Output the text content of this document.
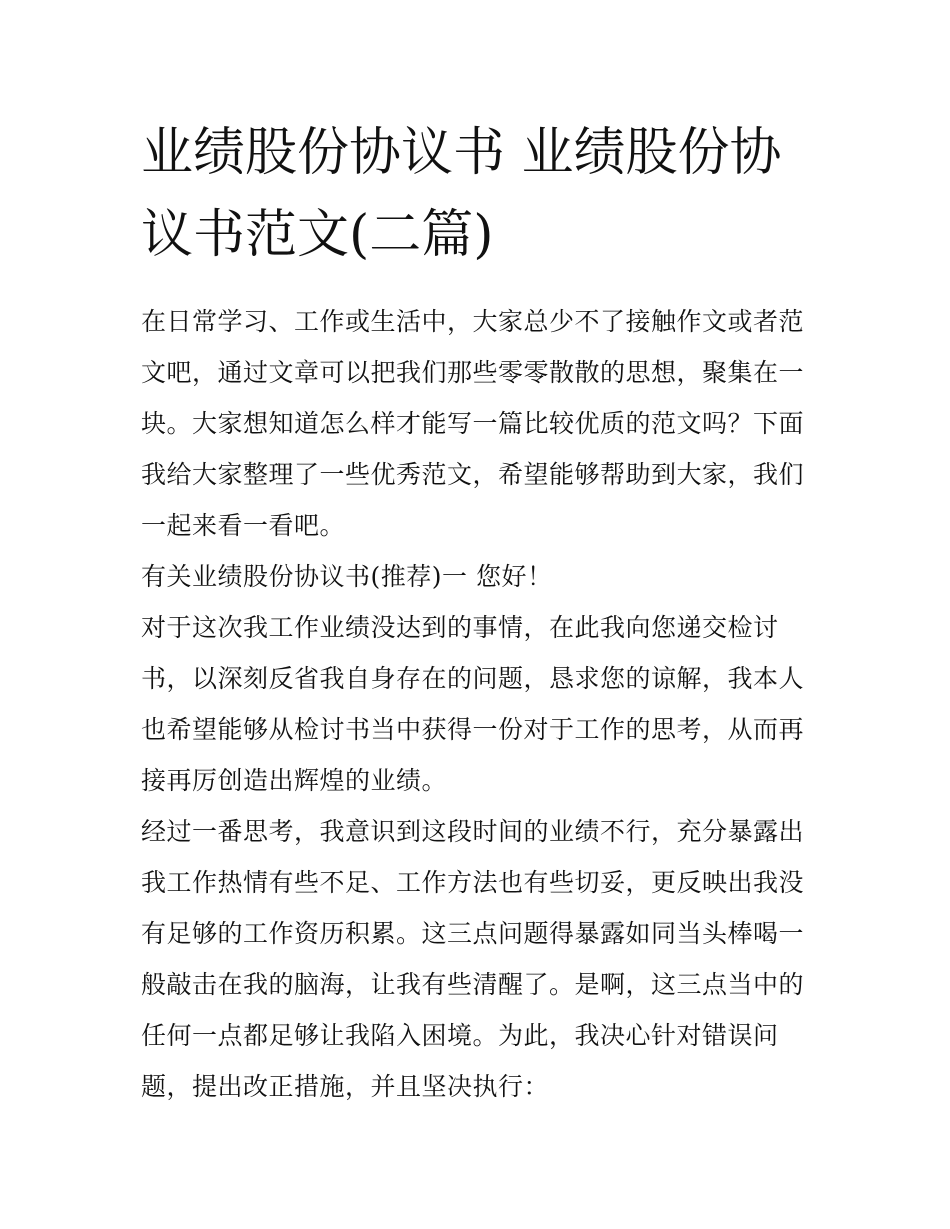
业绩股份协议书 业绩股份协议书范文(二篇)

在日常学习、工作或生活中，大家总少不了接触作文或者范文吧，通过文章可以把我们那些零零散散的思想，聚集在一块。大家想知道怎么样才能写一篇比较优质的范文吗？下面我给大家整理了一些优秀范文，希望能够帮助到大家，我们一起来看一看吧。

有关业绩股份协议书(推荐)一 您好！

对于这次我工作业绩没达到的事情，在此我向您递交检讨书，以深刻反省我自身存在的问题，恳求您的谅解，我本人也希望能够从检讨书当中获得一份对于工作的思考，从而再接再厉创造出辉煌的业绩。

经过一番思考，我意识到这段时间的业绩不行，充分暴露出我工作热情有些不足、工作方法也有些切妥，更反映出我没有足够的工作资历积累。这三点问题得暴露如同当头棒喝一般敲击在我的脑海，让我有些清醒了。是啊，这三点当中的任何一点都足够让我陷入困境。为此，我决心针对错误问题，提出改正措施，并且坚决执行：
